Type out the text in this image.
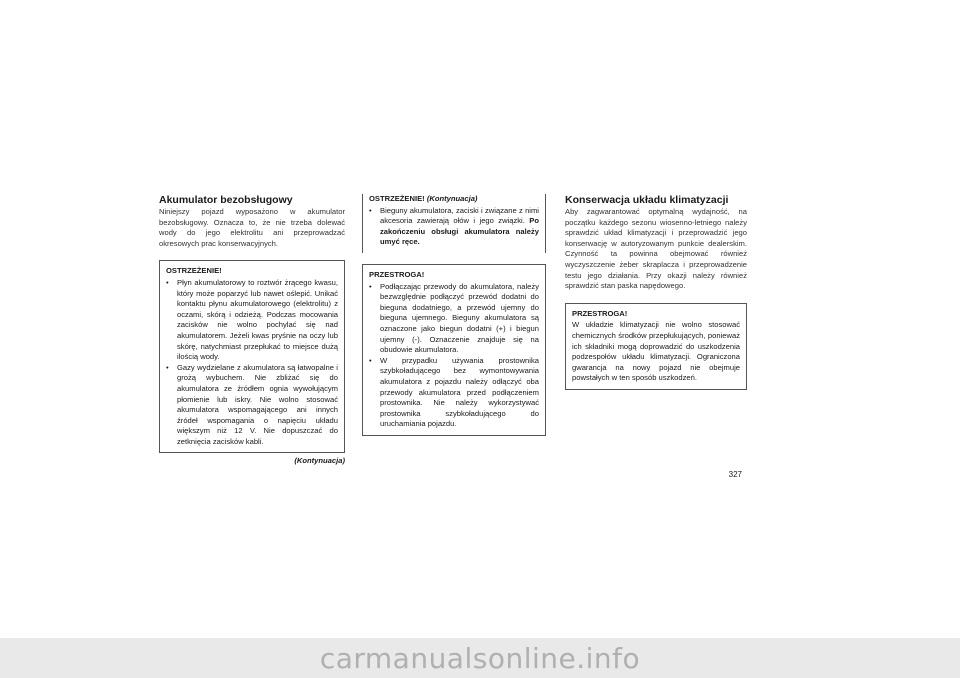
Akumulator bezobsługowy

Niniejszy pojazd wyposażono w akumulator bezobsługowy. Oznacza to, że nie trzeba dolewać wody do jego elektrolitu ani przeprowadzać okresowych prac konserwacyjnych.

OSTRZEŻENIE!
• Płyn akumulatorowy to roztwór żrącego kwasu, który może poparzyć lub nawet oślepić. Unikać kontaktu płynu akumulatorowego (elektrolitu) z oczami, skórą i odzieżą. Podczas mocowania zacisków nie wolno pochylać się nad akumulatorem. Jeżeli kwas pryśnie na oczy lub skórę, natychmiast przepłukać to miejsce dużą ilością wody.
• Gazy wydzielane z akumulatora są łatwopalne i grożą wybuchem. Nie zbliżać się do akumulatora ze źródłem ognia wywołującym płomienie lub iskry. Nie wolno stosować akumulatora wspomagającego ani innych źródeł wspomagania o napięciu układu większym niż 12 V. Nie dopuszczać do zetknięcia zacisków kabli.
(Kontynuacja)
OSTRZEŻENIE! (Kontynuacja)
• Bieguny akumulatora, zaciski i związane z nimi akcesoria zawierają ołów i jego związki. Po zakończeniu obsługi akumulatora należy umyć ręce.
PRZESTROGA!
• Podłączając przewody do akumulatora, należy bezwzględnie podłączyć przewód dodatni do bieguna dodatniego, a przewód ujemny do bieguna ujemnego. Bieguny akumulatora są oznaczone jako biegun dodatni (+) i biegun ujemny (-). Oznaczenie znajduje się na obudowie akumulatora.
• W przypadku używania prostownika szybkoładującego bez wymontowywania akumulatora z pojazdu należy odłączyć oba przewody akumulatora przed podłączeniem prostownika. Nie należy wykorzystywać prostownika szybkoładującego do uruchamiania pojazdu.
Konserwacja układu klimatyzacji

Aby zagwarantować optymalną wydajność, na początku każdego sezonu wiosenno-letniego należy sprawdzić układ klimatyzacji i przeprowadzić jego konserwację w autoryzowanym punkcie dealerskim. Czynność ta powinna obejmować również wyczyszczenie żeber skraplacza i przeprowadzenie testu jego działania. Przy okazji należy również sprawdzić stan paska napędowego.

PRZESTROGA!

W układzie klimatyzacji nie wolno stosować chemicznych środków przepłukujących, ponieważ ich składniki mogą doprowadzić do uszkodzenia podzespołów układu klimatyzacji. Ograniczona gwarancja na nowy pojazd nie obejmuje powstałych w ten sposób uszkodzeń.

327
carmanualsonline.info
